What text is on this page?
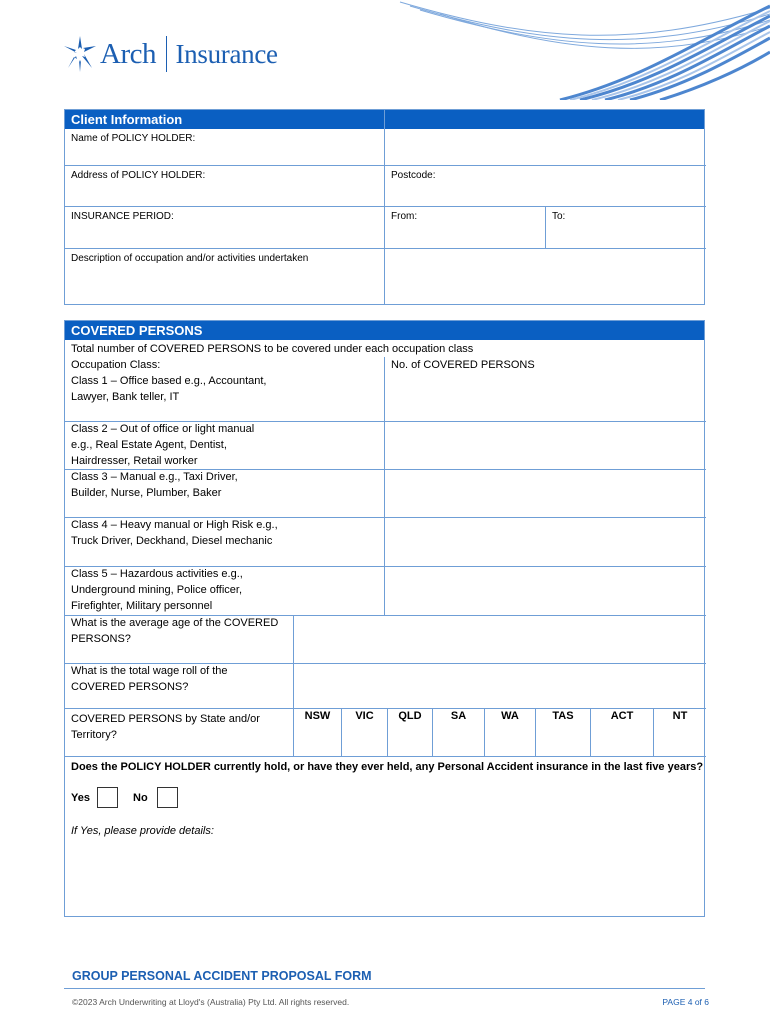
Arch Insurance
Client Information
Name of POLICY HOLDER:
Address of POLICY HOLDER:	Postcode:
INSURANCE PERIOD:	From:	To:
Description of occupation and/or activities undertaken
COVERED PERSONS
Total number of COVERED PERSONS to be covered under each occupation class
Occupation Class:	No. of COVERED PERSONS
Class 1 – Office based e.g., Accountant,
Lawyer, Bank teller, IT
Class 2 – Out of office or light manual
e.g., Real Estate Agent, Dentist,
Hairdresser, Retail worker
Class 3 – Manual e.g., Taxi Driver,
Builder, Nurse, Plumber, Baker
Class 4 – Heavy manual or High Risk e.g.,
Truck Driver, Deckhand, Diesel mechanic
Class 5 – Hazardous activities e.g.,
Underground mining, Police officer,
Firefighter, Military personnel
What is the average age of the COVERED
PERSONS?
What is the total wage roll of the
COVERED PERSONS?
COVERED PERSONS by State and/or
Territory?
NSW	VIC	QLD	SA	WA	TAS	ACT	NT
Does the POLICY HOLDER currently hold, or have they ever held, any Personal Accident insurance in the last five years?
Yes	No
If Yes, please provide details:
GROUP PERSONAL ACCIDENT PROPOSAL FORM
©2023 Arch Underwriting at Lloyd's (Australia) Pty Ltd. All rights reserved.	PAGE 4 of 6
